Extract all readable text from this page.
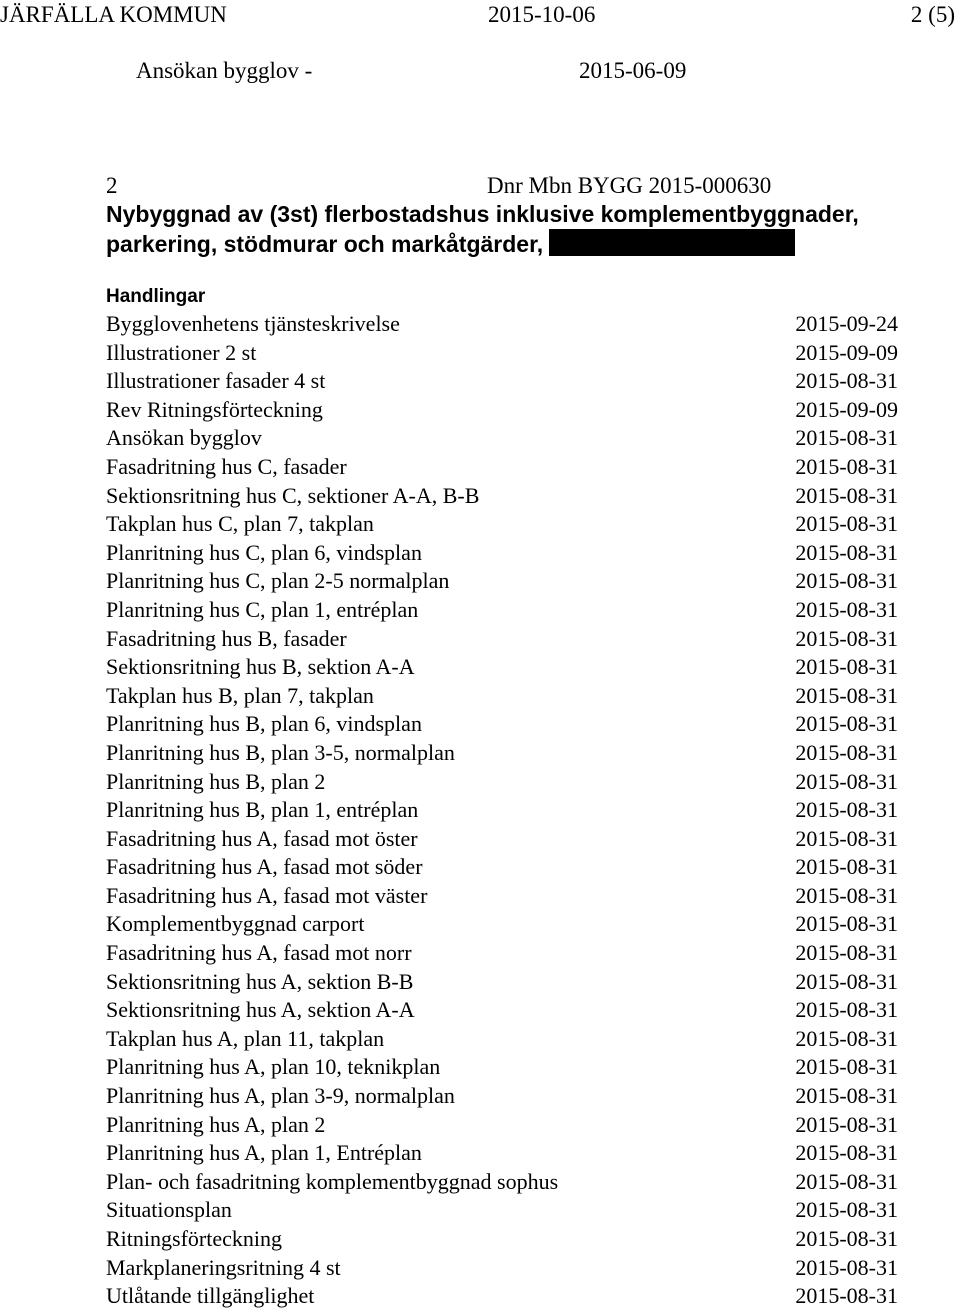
JÄRFÄLLA KOMMUN	2015-10-06	2 (5)
Ansökan bygglov -	2015-06-09
2	Dnr Mbn BYGG 2015-000630
Nybyggnad av (3st) flerbostadshus inklusive komplementbyggnader,
parkering, stödmurar och markåtgärder,
Handlingar
Bygglovenhetens tjänsteskrivelse	2015-09-24
Illustrationer 2 st	2015-09-09
Illustrationer fasader 4 st	2015-08-31
Rev Ritningsförteckning	2015-09-09
Ansökan bygglov	2015-08-31
Fasadritning hus C, fasader	2015-08-31
Sektionsritning hus C, sektioner A-A, B-B	2015-08-31
Takplan hus C, plan 7, takplan	2015-08-31
Planritning hus C, plan 6, vindsplan	2015-08-31
Planritning hus C, plan 2-5 normalplan	2015-08-31
Planritning hus C, plan 1, entréplan	2015-08-31
Fasadritning hus B, fasader	2015-08-31
Sektionsritning hus B, sektion A-A	2015-08-31
Takplan hus B, plan 7, takplan	2015-08-31
Planritning hus B, plan 6, vindsplan	2015-08-31
Planritning hus B, plan 3-5, normalplan	2015-08-31
Planritning hus B, plan 2	2015-08-31
Planritning hus B, plan 1, entréplan	2015-08-31
Fasadritning hus A, fasad mot öster	2015-08-31
Fasadritning hus A, fasad mot söder	2015-08-31
Fasadritning hus A, fasad mot väster	2015-08-31
Komplementbyggnad carport	2015-08-31
Fasadritning hus A, fasad mot norr	2015-08-31
Sektionsritning hus A, sektion B-B	2015-08-31
Sektionsritning hus A, sektion A-A	2015-08-31
Takplan hus A, plan 11, takplan	2015-08-31
Planritning hus A, plan 10, teknikplan	2015-08-31
Planritning hus A, plan 3-9, normalplan	2015-08-31
Planritning hus A, plan 2	2015-08-31
Planritning hus A, plan 1, Entréplan	2015-08-31
Plan- och fasadritning komplementbyggnad sophus	2015-08-31
Situationsplan	2015-08-31
Ritningsförteckning	2015-08-31
Markplaneringsritning 4 st	2015-08-31
Utlåtande tillgänglighet	2015-08-31
